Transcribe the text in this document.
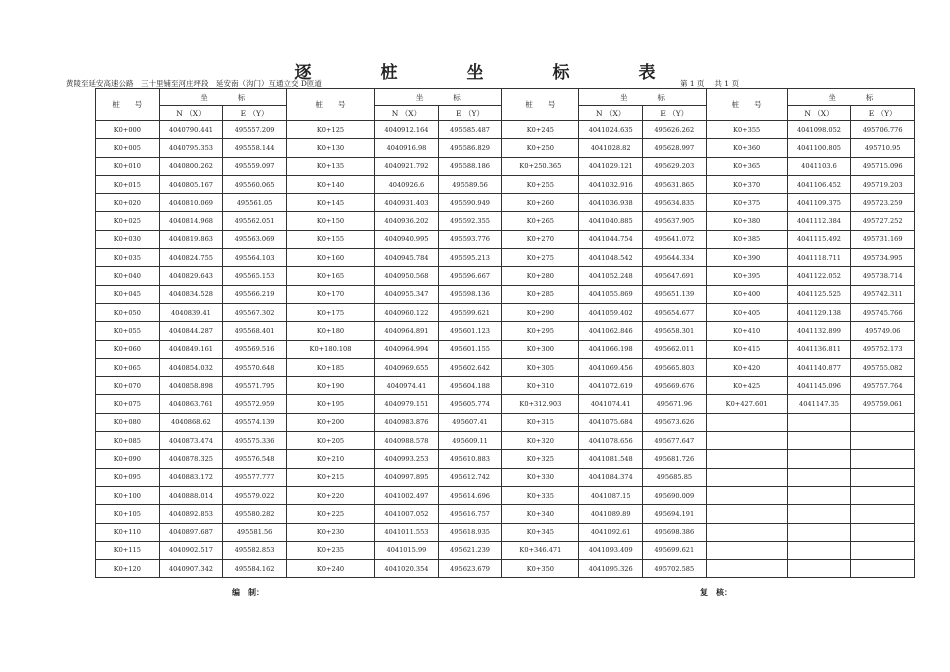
逐　桩　坐　标　表
黄陵至延安高速公路　三十里铺至河庄坪段　延安南（沟门）互通立交 D匝道	第 1 页　 共 1 页
桩　　号	坐　　　　标		桩　　号	坐　　　　标		桩　　号	坐　　　　标		桩　　号	坐　　　　标	
	N （X）	E （Y）		N （X）	E （Y）		N （X）	E （Y）		N （X）	E （Y）
K0+000	4040790.441	495557.209	K0+125	4040912.164	495585.487	K0+245	4041024.635	495626.262	K0+355	4041098.052	495706.776
K0+005	4040795.353	495558.144	K0+130	4040916.98	495586.829	K0+250	4041028.82	495628.997	K0+360	4041100.805	495710.95
K0+010	4040800.262	495559.097	K0+135	4040921.792	495588.186	K0+250.365	4041029.121	495629.203	K0+365	4041103.6	495715.096
K0+015	4040805.167	495560.065	K0+140	4040926.6	495589.56	K0+255	4041032.916	495631.865	K0+370	4041106.452	495719.203
K0+020	4040810.069	495561.05	K0+145	4040931.403	495590.949	K0+260	4041036.938	495634.835	K0+375	4041109.375	495723.259
K0+025	4040814.968	495562.051	K0+150	4040936.202	495592.355	K0+265	4041040.885	495637.905	K0+380	4041112.384	495727.252
K0+030	4040819.863	495563.069	K0+155	4040940.995	495593.776	K0+270	4041044.754	495641.072	K0+385	4041115.492	495731.169
K0+035	4040824.755	495564.103	K0+160	4040945.784	495595.213	K0+275	4041048.542	495644.334	K0+390	4041118.711	495734.995
K0+040	4040829.643	495565.153	K0+165	4040950.568	495596.667	K0+280	4041052.248	495647.691	K0+395	4041122.052	495738.714
K0+045	4040834.528	495566.219	K0+170	4040955.347	495598.136	K0+285	4041055.869	495651.139	K0+400	4041125.525	495742.311
K0+050	4040839.41	495567.302	K0+175	4040960.122	495599.621	K0+290	4041059.402	495654.677	K0+405	4041129.138	495745.766
K0+055	4040844.287	495568.401	K0+180	4040964.891	495601.123	K0+295	4041062.846	495658.301	K0+410	4041132.899	495749.06
K0+060	4040849.161	495569.516	K0+180.108	4040964.994	495601.155	K0+300	4041066.198	495662.011	K0+415	4041136.811	495752.173
K0+065	4040854.032	495570.648	K0+185	4040969.655	495602.642	K0+305	4041069.456	495665.803	K0+420	4041140.877	495755.082
K0+070	4040858.898	495571.795	K0+190	4040974.41	495604.188	K0+310	4041072.619	495669.676	K0+425	4041145.096	495757.764
K0+075	4040863.761	495572.959	K0+195	4040979.151	495605.774	K0+312.903	4041074.41	495671.96	K0+427.601	4041147.35	495759.061
K0+080	4040868.62	495574.139	K0+200	4040983.876	495607.41	K0+315	4041075.684	495673.626			
K0+085	4040873.474	495575.336	K0+205	4040988.578	495609.11	K0+320	4041078.656	495677.647			
K0+090	4040878.325	495576.548	K0+210	4040993.253	495610.883	K0+325	4041081.548	495681.726			
K0+095	4040883.172	495577.777	K0+215	4040997.895	495612.742	K0+330	4041084.374	495685.85			
K0+100	4040888.014	495579.022	K0+220	4041002.497	495614.696	K0+335	4041087.15	495690.009			
K0+105	4040892.853	495580.282	K0+225	4041007.052	495616.757	K0+340	4041089.89	495694.191			
K0+110	4040897.687	495581.56	K0+230	4041011.553	495618.935	K0+345	4041092.61	495698.386			
K0+115	4040902.517	495582.853	K0+235	4041015.99	495621.239	K0+346.471	4041093.409	495699.621			
K0+120	4040907.342	495584.162	K0+240	4041020.354	495623.679	K0+350	4041095.326	495702.585			
编　制：	复　核：
